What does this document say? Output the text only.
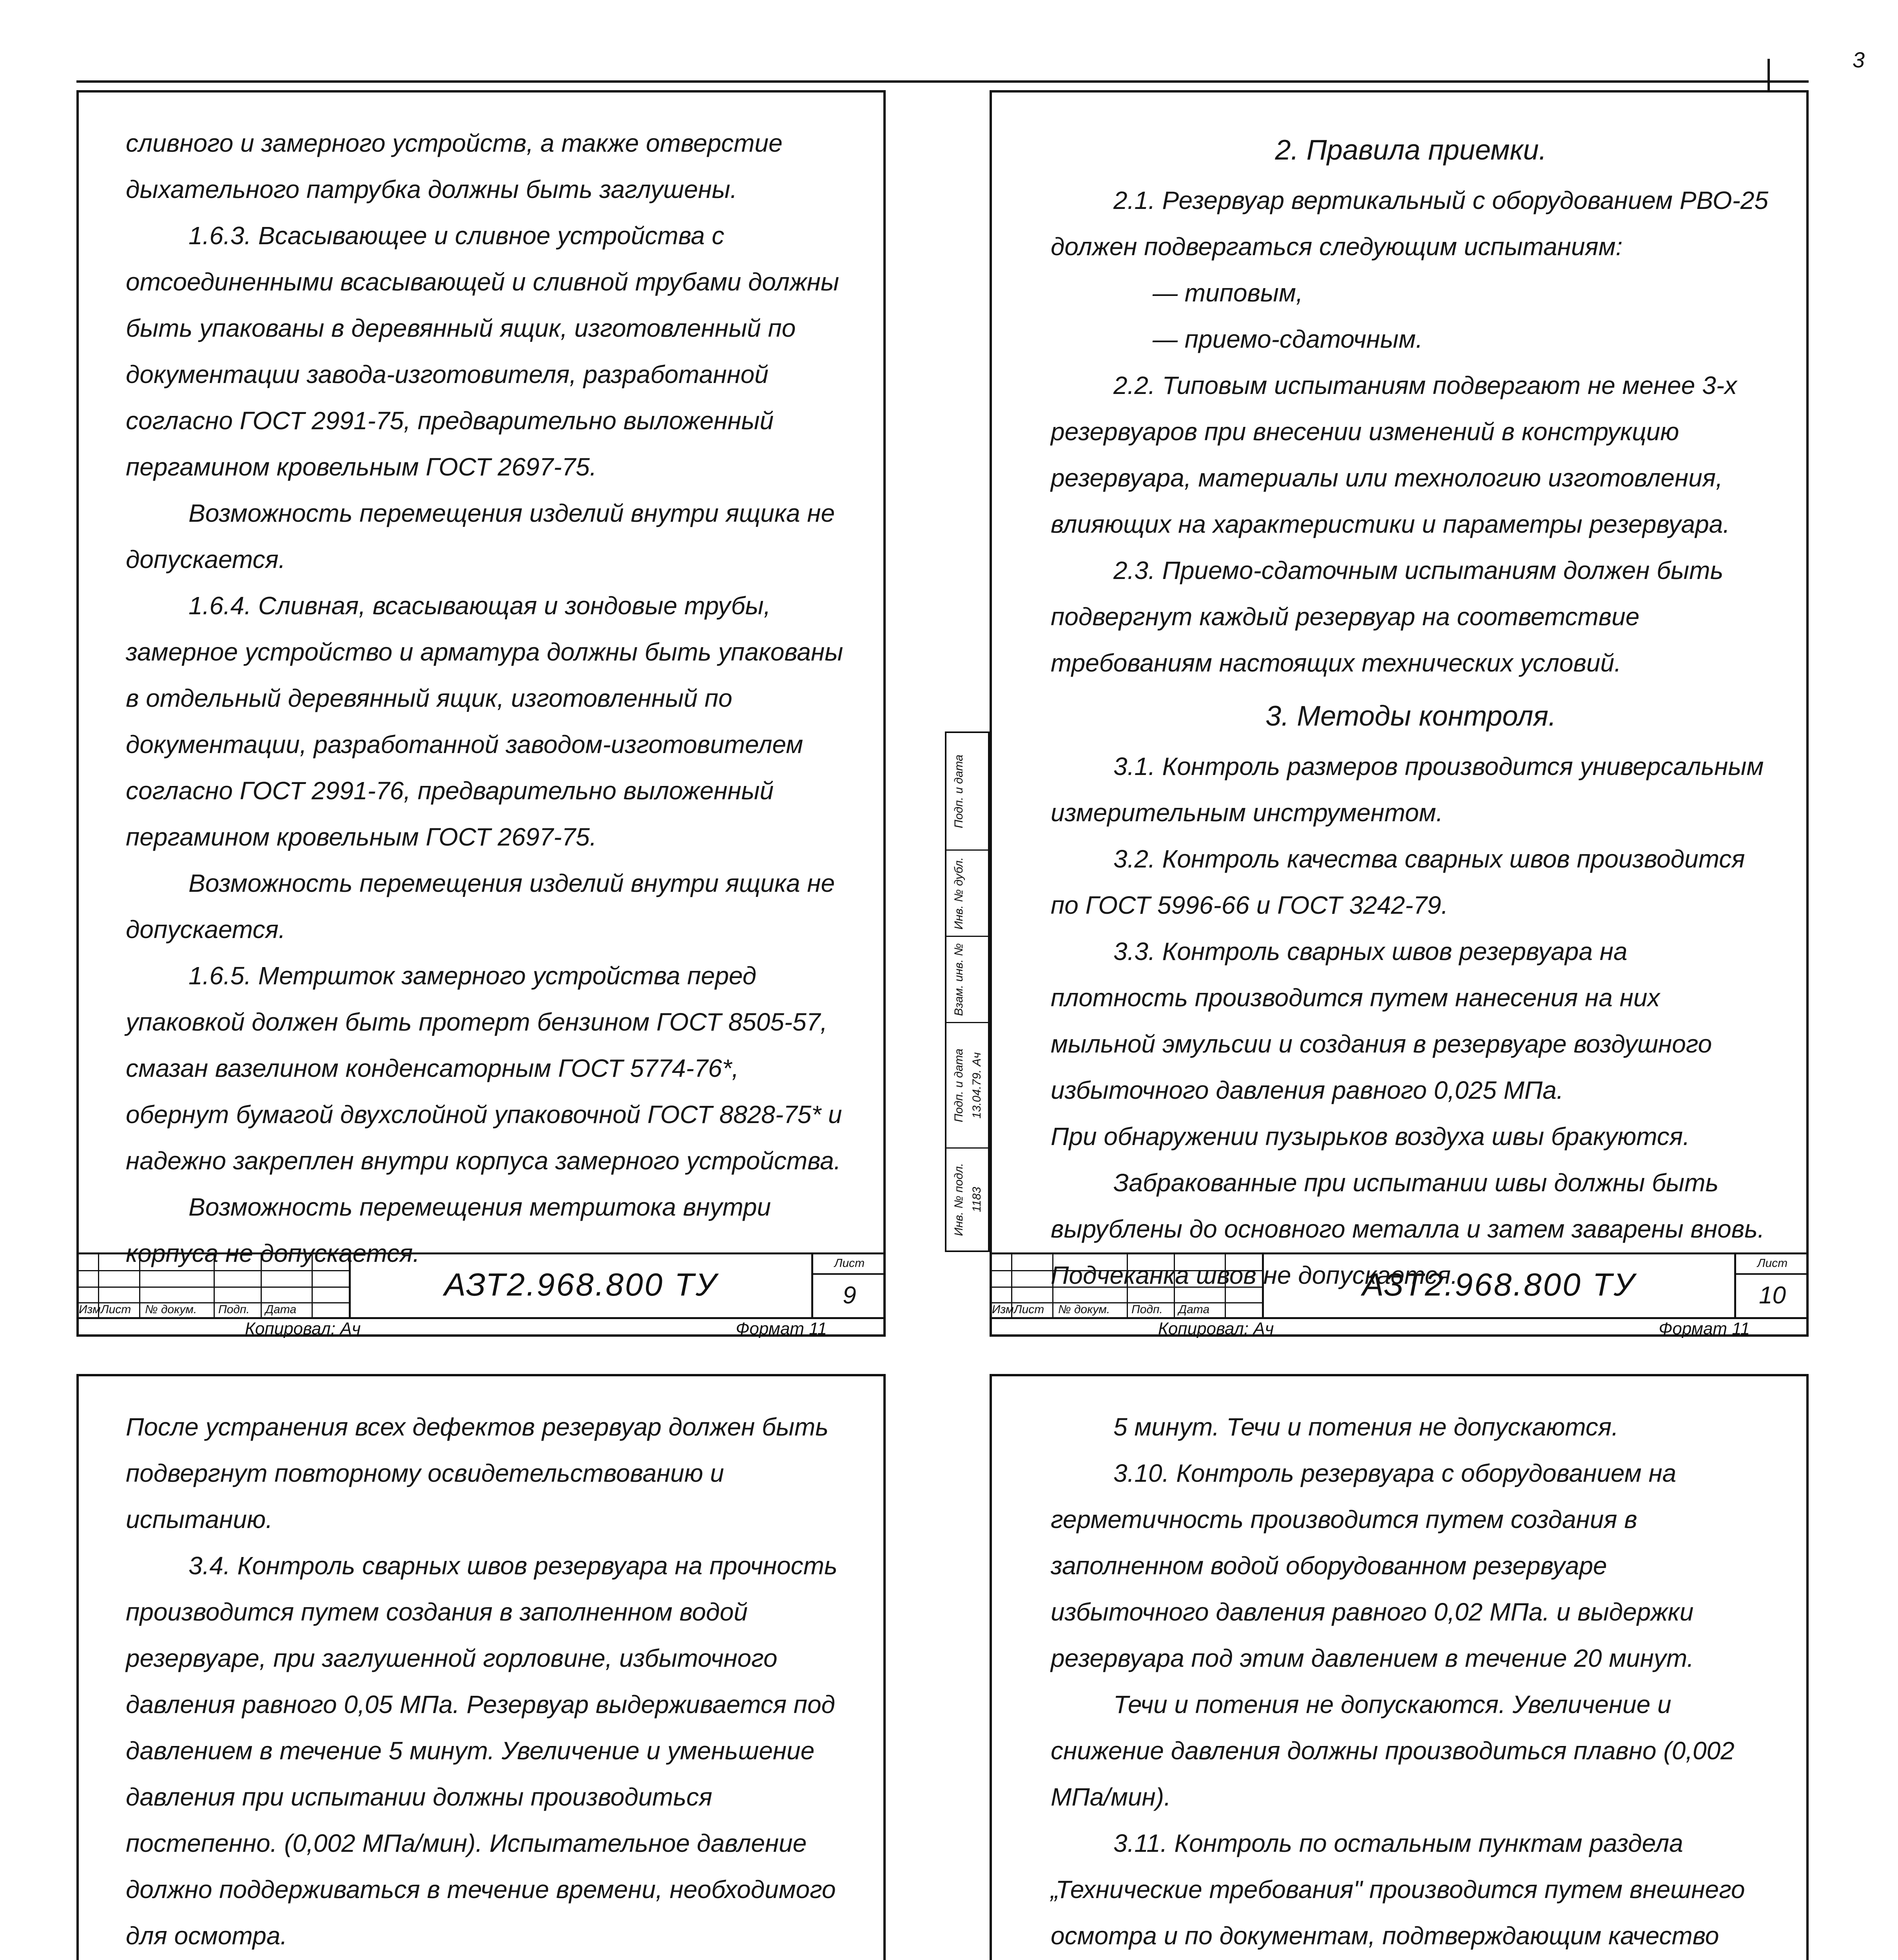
3

сливного и замерного устройств, а также отверстие дыхательного патрубка должны быть заглушены.

1.6.3. Всасывающее и сливное устройства с отсоединенными всасывающей и сливной трубами должны быть упакованы в деревянный ящик, изготовленный по документации завода-изготовителя, разработанной согласно ГОСТ 2991-75, предварительно выложенный пергамином кровельным ГОСТ 2697-75.

Возможность перемещения изделий внутри ящика не допускается.

1.6.4. Сливная, всасывающая и зондовые трубы, замерное устройство и арматура должны быть упакованы в отдельный деревянный ящик, изготовленный по документации, разработанной заводом-изготовителем согласно ГОСТ 2991-76, предварительно выложенный пергамином кровельным ГОСТ 2697-75.

Возможность перемещения изделий внутри ящика не допускается.

1.6.5. Метршток замерного устройства перед упаковкой должен быть протерт бензином ГОСТ 8505-57, смазан вазелином конденсаторным ГОСТ 5774-76*, обернут бумагой двухслойной упаковочной ГОСТ 8828-75* и надежно закреплен внутри корпуса замерного устройства.

Возможность перемещения метрштока внутри корпуса не допускается.

Изм Лист № докум. Подп. Дата
АЗТ2.968.800 ТУ
Лист
9
Копировал: Ач	Формат 11
Подп. и дата
Инв. № дубл.
Взам. инв. №
Подп. и дата 13.04.79. Ач
Инв. № подл. 1183

2. Правила приемки.

2.1. Резервуар вертикальный с оборудованием РВО-25 должен подвергаться следующим испытаниям:

— типовым,

— приемо-сдаточным.

2.2. Типовым испытаниям подвергают не менее 3-х резервуаров при внесении изменений в конструкцию резервуара, материалы или технологию изготовления, влияющих на характеристики и параметры резервуара.

2.3. Приемо-сдаточным испытаниям должен быть подвергнут каждый резервуар на соответствие требованиям настоящих технических условий.

3. Методы контроля.

3.1. Контроль размеров производится универсальным измерительным инструментом.

3.2. Контроль качества сварных швов производится по ГОСТ 5996-66 и ГОСТ 3242-79.

3.3. Контроль сварных швов резервуара на плотность производится путем нанесения на них мыльной эмульсии и создания в резервуаре воздушного избыточного давления равного 0,025 МПа.

При обнаружении пузырьков воздуха швы бракуются.

Забракованные при испытании швы должны быть вырублены до основного металла и затем заварены вновь. Подчеканка швов не допускается.

Изм Лист № докум. Подп. Дата
АЗТ2.968.800 ТУ
Лист
10
Копировал: Ач	Формат 11

После устранения всех дефектов резервуар должен быть подвергнут повторному освидетельствованию и испытанию.

3.4. Контроль сварных швов резервуара на прочность производится путем создания в заполненном водой резервуаре, при заглушенной горловине, избыточного давления равного 0,05 МПа. Резервуар выдерживается под давлением в течение 5 минут. Увеличение и уменьшение давления при испытании должны производиться постепенно. (0,002 МПа/мин). Испытательное давление должно поддерживаться в течение времени, необходимого для осмотра.

5 минут. Течи и потения не допускаются.

3.10. Контроль резервуара с оборудованием на герметичность производится путем создания в заполненном водой оборудованном резервуаре избыточного давления равного 0,02 МПа. и выдержки резервуара под этим давлением в течение 20 минут.

Течи и потения не допускаются. Увеличение и снижение давления должны производиться плавно (0,002 МПа/мин).

3.11. Контроль по остальным пунктам раздела „Технические требования" производится путем внешнего осмотра и по документам, подтверждающим качество
